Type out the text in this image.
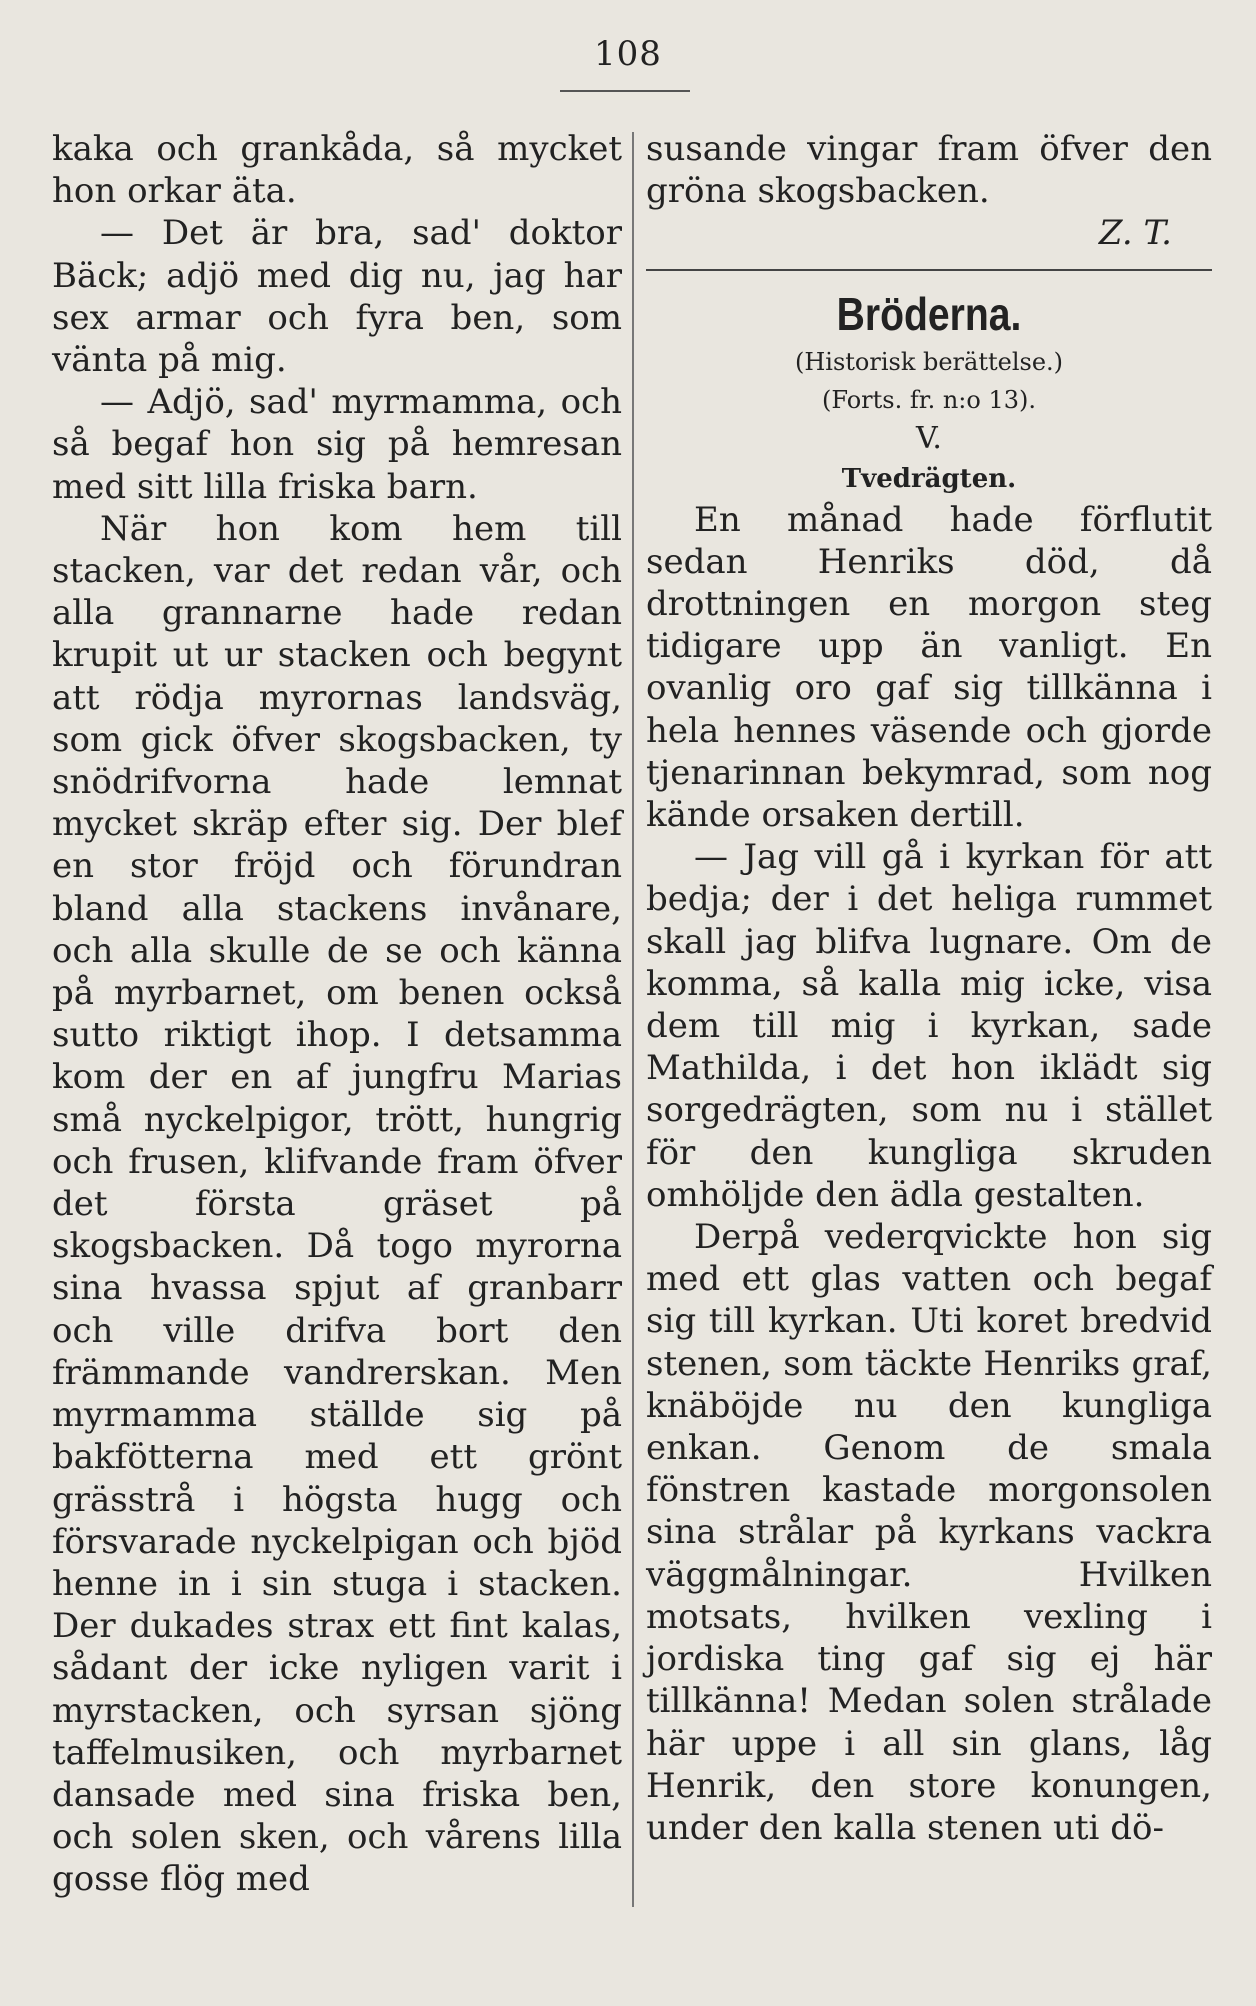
108

kaka och grankåda, så mycket hon orkar äta.

— Det är bra, sad' doktor Bäck; adjö med dig nu, jag har sex armar och fyra ben, som vänta på mig.

— Adjö, sad' myrmamma, och så begaf hon sig på hemresan med sitt lilla friska barn.

När hon kom hem till stacken, var det redan vår, och alla grannarne hade redan krupit ut ur stacken och begynt att rödja myrornas landsväg, som gick öfver skogsbacken, ty snödrifvorna hade lemnat mycket skräp efter sig. Der blef en stor fröjd och förundran bland alla stackens invånare, och alla skulle de se och känna på myrbarnet, om benen också sutto riktigt ihop. I detsamma kom der en af jungfru Marias små nyckelpigor, trött, hungrig och frusen, klifvande fram öfver det första gräset på skogsbacken. Då togo myrorna sina hvassa spjut af granbarr och ville drifva bort den främmande vandrerskan. Men myrmamma ställde sig på bakfötterna med ett grönt grässtrå i högsta hugg och försvarade nyckelpigan och bjöd henne in i sin stuga i stacken. Der dukades strax ett fint kalas, sådant der icke nyligen varit i myrstacken, och syrsan sjöng taffelmusiken, och myrbarnet dansade med sina friska ben, och solen sken, och vårens lilla gosse flög med

susande vingar fram öfver den gröna skogsbacken.

Z. T.
Bröderna.
(Historisk berättelse.)
(Forts. fr. n:o 13).
V.
Tvedrägten.

En månad hade förflutit sedan Henriks död, då drottningen en morgon steg tidigare upp än vanligt. En ovanlig oro gaf sig tillkänna i hela hennes väsende och gjorde tjenarinnan bekymrad, som nog kände orsaken dertill.

— Jag vill gå i kyrkan för att bedja; der i det heliga rummet skall jag blifva lugnare. Om de komma, så kalla mig icke, visa dem till mig i kyrkan, sade Mathilda, i det hon iklädt sig sorgedrägten, som nu i stället för den kungliga skruden omhöljde den ädla gestalten.

Derpå vederqvickte hon sig med ett glas vatten och begaf sig till kyrkan. Uti koret bredvid stenen, som täckte Henriks graf, knäböjde nu den kungliga enkan. Genom de smala fönstren kastade morgonsolen sina strålar på kyrkans vackra väggmålningar. Hvilken motsats, hvilken vexling i jordiska ting gaf sig ej här tillkänna! Medan solen strålade här uppe i all sin glans, låg Henrik, den store konungen, under den kalla stenen uti dö-
